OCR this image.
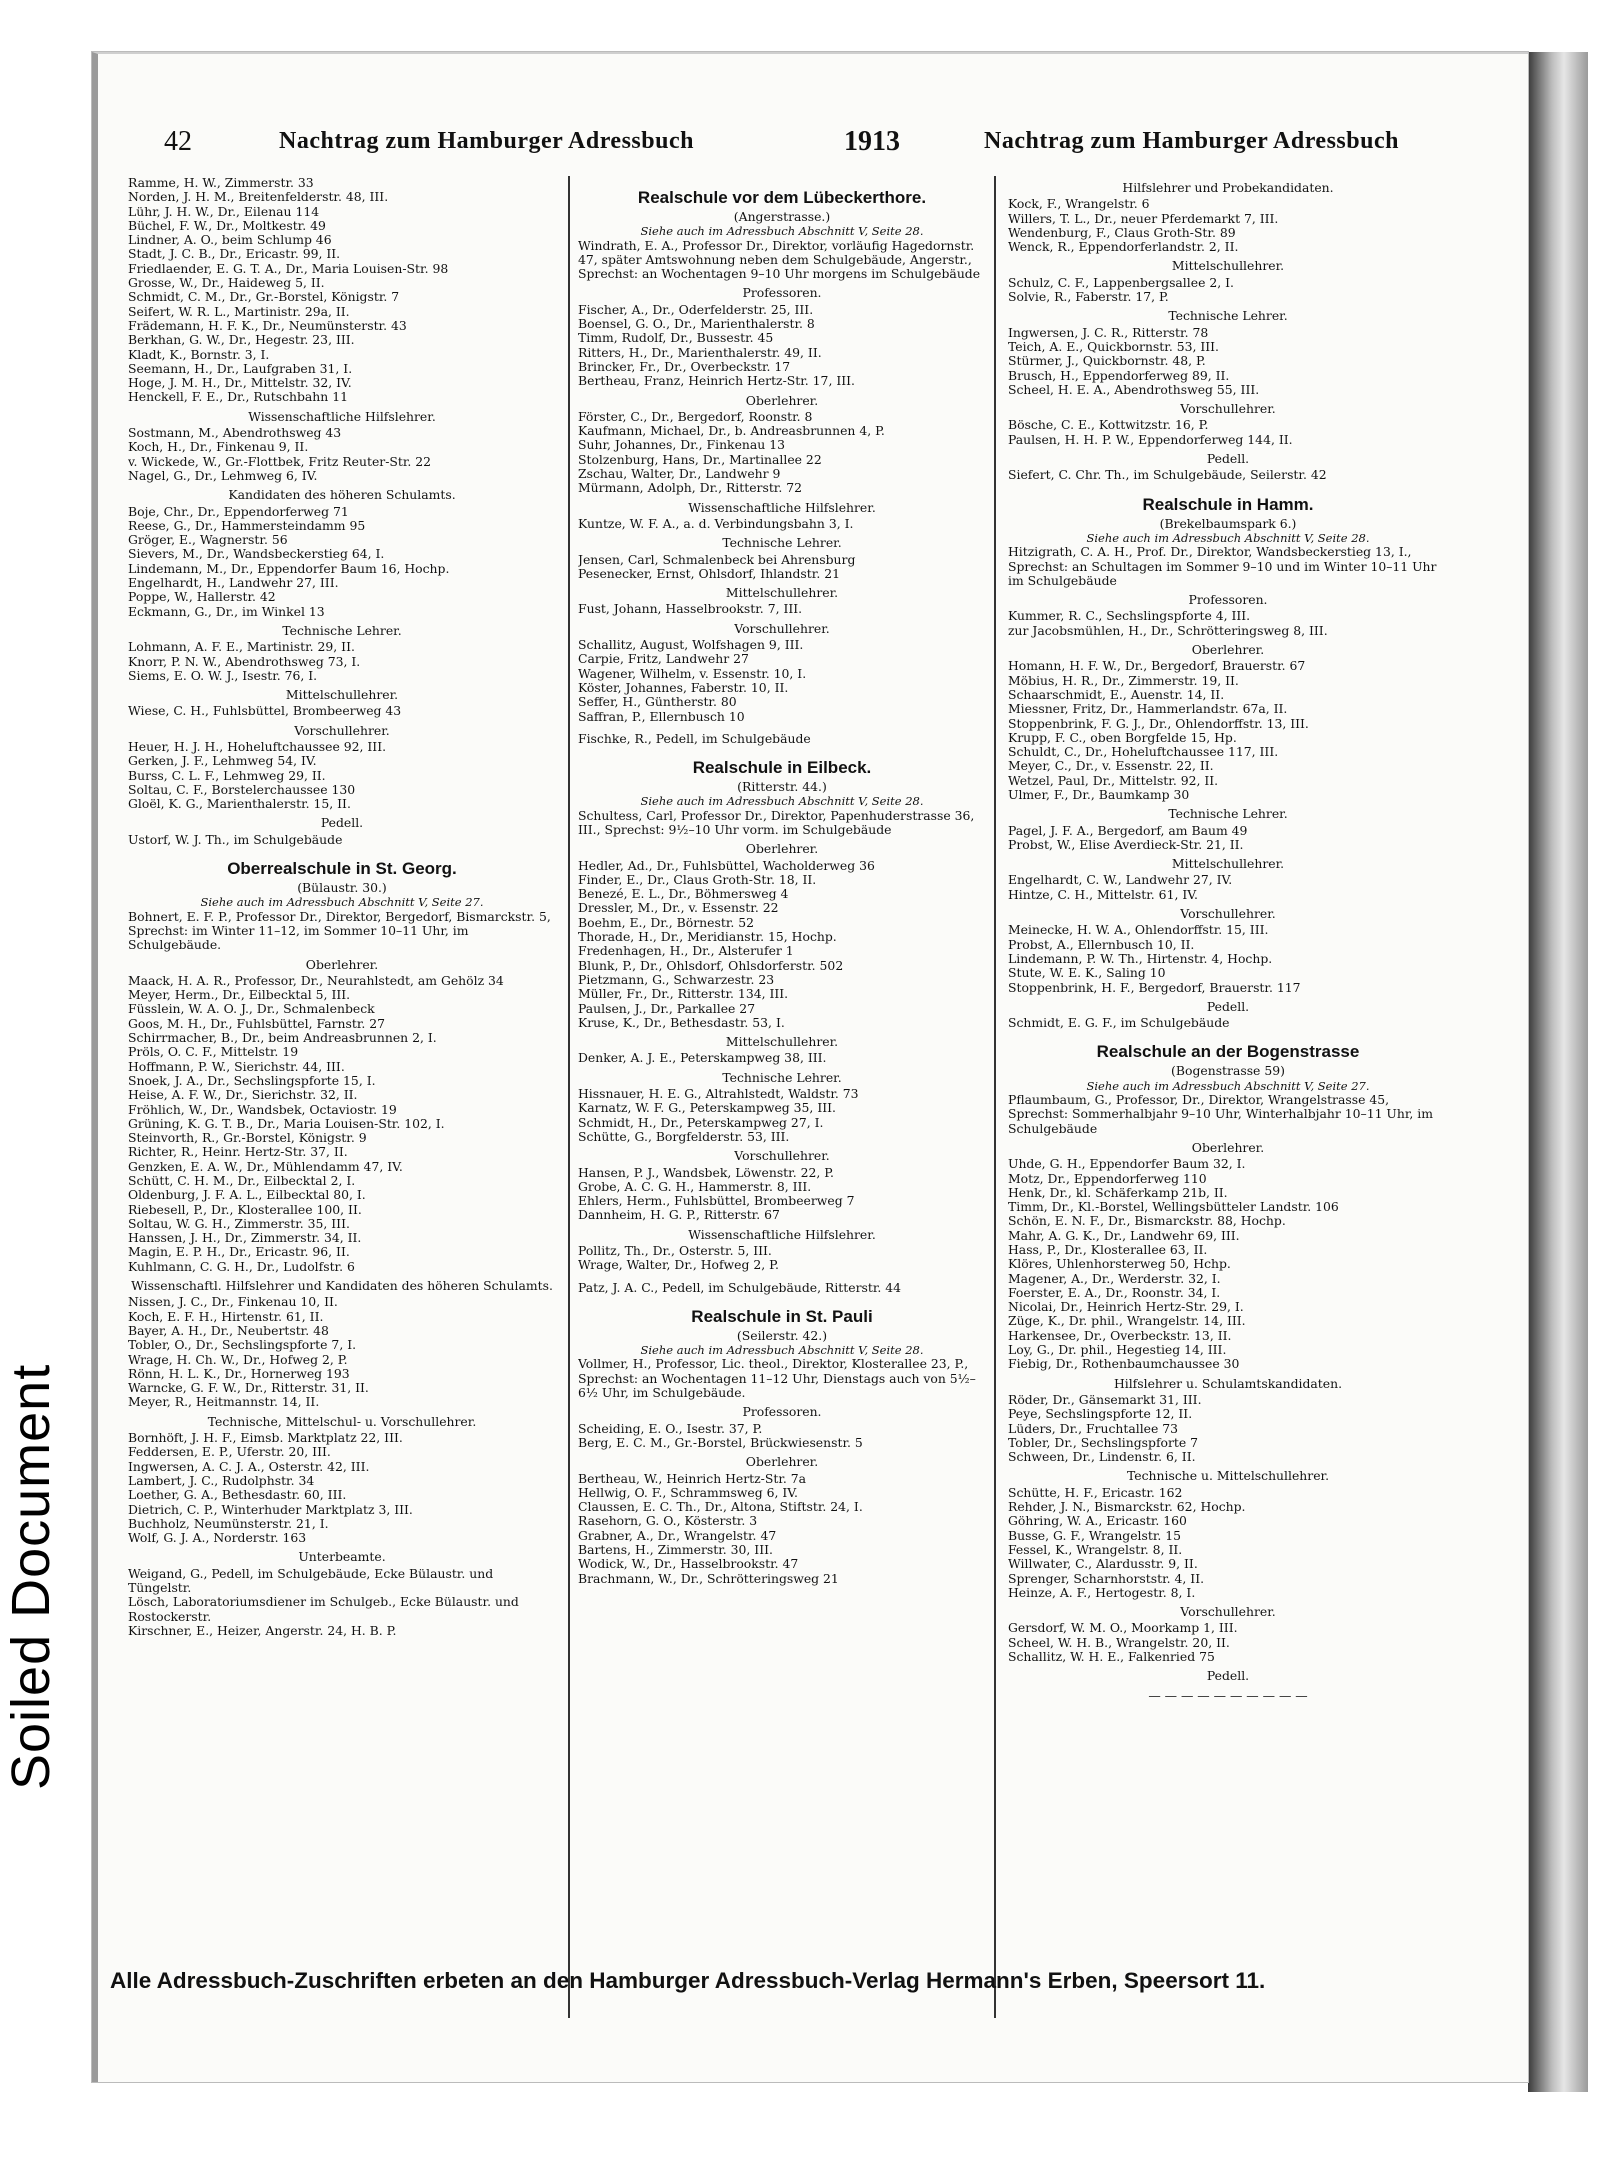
Soiled Document
42	Nachtrag zum Hamburger Adressbuch	1913	Nachtrag zum Hamburger Adressbuch
Ramme, H. W., Zimmerstr. 33
Norden, J. H. M., Breitenfelderstr. 48, III.
Lühr, J. H. W., Dr., Eilenau 114
Büchel, F. W., Dr., Moltkestr. 49
Lindner, A. O., beim Schlump 46
Stadt, J. C. B., Dr., Ericastr. 99, II.
Friedlaender, E. G. T. A., Dr., Maria Louisen-Str. 98
Grosse, W., Dr., Haideweg 5, II.
Schmidt, C. M., Dr., Gr.-Borstel, Königstr. 7
Seifert, W. R. L., Martinistr. 29a, II.
Frädemann, H. F. K., Dr., Neumünsterstr. 43
Berkhan, G. W., Dr., Hegestr. 23, III.
Kladt, K., Bornstr. 3, I.
Seemann, H., Dr., Laufgraben 31, I.
Hoge, J. M. H., Dr., Mittelstr. 32, IV.
Henckell, F. E., Dr., Rutschbahn 11
Wissenschaftliche Hilfslehrer.
Sostmann, M., Abendrothsweg 43
Koch, H., Dr., Finkenau 9, II.
v. Wickede, W., Gr.-Flottbek, Fritz Reuter-Str. 22
Nagel, G., Dr., Lehmweg 6, IV.
Kandidaten des höheren Schulamts.
Boje, Chr., Dr., Eppendorferweg 71
Reese, G., Dr., Hammersteindamm 95
Gröger, E., Wagnerstr. 56
Sievers, M., Dr., Wandsbeckerstieg 64, I.
Lindemann, M., Dr., Eppendorfer Baum 16, Hochp.
Engelhardt, H., Landwehr 27, III.
Poppe, W., Hallerstr. 42
Eckmann, G., Dr., im Winkel 13
Technische Lehrer.
Lohmann, A. F. E., Martinistr. 29, II.
Knorr, P. N. W., Abendrothsweg 73, I.
Siems, E. O. W. J., Isestr. 76, I.
Mittelschullehrer.
Wiese, C. H., Fuhlsbüttel, Brombeerweg 43
Vorschullehrer.
Heuer, H. J. H., Hoheluftchaussee 92, III.
Gerken, J. F., Lehmweg 54, IV.
Burss, C. L. F., Lehmweg 29, II.
Soltau, C. F., Borstelerchaussee 130
Gloël, K. G., Marienthalerstr. 15, II.
Pedell.
Ustorf, W. J. Th., im Schulgebäude
Oberrealschule in St. Georg.
(Bülaustr. 30.)
Siehe auch im Adressbuch Abschnitt V, Seite 27.
Bohnert, E. F. P., Professor Dr., Direktor, Bergedorf, Bismarckstr. 5, Sprechst: im Winter 11–12, im Sommer 10–11 Uhr, im Schulgebäude.
Oberlehrer.
Maack, H. A. R., Professor, Dr., Neurahlstedt, am Gehölz 34
Meyer, Herm., Dr., Eilbecktal 5, III.
Füsslein, W. A. O. J., Dr., Schmalenbeck
Goos, M. H., Dr., Fuhlsbüttel, Farnstr. 27
Schirrmacher, B., Dr., beim Andreasbrunnen 2, I.
Pröls, O. C. F., Mittelstr. 19
Hoffmann, P. W., Sierichstr. 44, III.
Snoek, J. A., Dr., Sechslingspforte 15, I.
Heise, A. F. W., Dr., Sierichstr. 32, II.
Fröhlich, W., Dr., Wandsbek, Octaviostr. 19
Grüning, K. G. T. B., Dr., Maria Louisen-Str. 102, I.
Steinvorth, R., Gr.-Borstel, Königstr. 9
Richter, R., Heinr. Hertz-Str. 37, II.
Genzken, E. A. W., Dr., Mühlendamm 47, IV.
Schütt, C. H. M., Dr., Eilbecktal 2, I.
Oldenburg, J. F. A. L., Eilbecktal 80, I.
Riebesell, P., Dr., Klosterallee 100, II.
Soltau, W. G. H., Zimmerstr. 35, III.
Hanssen, J. H., Dr., Zimmerstr. 34, II.
Magin, E. P. H., Dr., Ericastr. 96, II.
Kuhlmann, C. G. H., Dr., Ludolfstr. 6
Wissenschaftl. Hilfslehrer und Kandidaten des höheren Schulamts.
Nissen, J. C., Dr., Finkenau 10, II.
Koch, E. F. H., Hirtenstr. 61, II.
Bayer, A. H., Dr., Neubertstr. 48
Tobler, O., Dr., Sechslingspforte 7, I.
Wrage, H. Ch. W., Dr., Hofweg 2, P.
Rönn, H. L. K., Dr., Hornerweg 193
Warncke, G. F. W., Dr., Ritterstr. 31, II.
Meyer, R., Heitmannstr. 14, II.
Technische, Mittelschul- u. Vorschullehrer.
Bornhöft, J. H. F., Eimsb. Marktplatz 22, III.
Feddersen, E. P., Uferstr. 20, III.
Ingwersen, A. C. J. A., Osterstr. 42, III.
Lambert, J. C., Rudolphstr. 34
Loether, G. A., Bethesdastr. 60, III.
Dietrich, C. P., Winterhuder Marktplatz 3, III.
Buchholz, Neumünsterstr. 21, I.
Wolf, G. J. A., Norderstr. 163
Unterbeamte.
Weigand, G., Pedell, im Schulgebäude, Ecke Bülaustr. und Tüngelstr.
Lösch, Laboratoriumsdiener im Schulgeb., Ecke Bülaustr. und Rostockerstr.
Kirschner, E., Heizer, Angerstr. 24, H. B. P.
Realschule vor dem Lübeckerthore.
(Angerstrasse.)
Siehe auch im Adressbuch Abschnitt V, Seite 28.
Windrath, E. A., Professor Dr., Direktor, vorläufig Hagedornstr. 47, später Amtswohnung neben dem Schulgebäude, Angerstr., Sprechst: an Wochentagen 9–10 Uhr morgens im Schulgebäude
Professoren.
Fischer, A., Dr., Oderfelderstr. 25, III.
Boensel, G. O., Dr., Marienthalerstr. 8
Timm, Rudolf, Dr., Bussestr. 45
Ritters, H., Dr., Marienthalerstr. 49, II.
Brincker, Fr., Dr., Overbeckstr. 17
Bertheau, Franz, Heinrich Hertz-Str. 17, III.
Oberlehrer.
Förster, C., Dr., Bergedorf, Roonstr. 8
Kaufmann, Michael, Dr., b. Andreasbrunnen 4, P.
Suhr, Johannes, Dr., Finkenau 13
Stolzenburg, Hans, Dr., Martinallee 22
Zschau, Walter, Dr., Landwehr 9
Mürmann, Adolph, Dr., Ritterstr. 72
Wissenschaftliche Hilfslehrer.
Kuntze, W. F. A., a. d. Verbindungsbahn 3, I.
Technische Lehrer.
Jensen, Carl, Schmalenbeck bei Ahrensburg
Pesenecker, Ernst, Ohlsdorf, Ihlandstr. 21
Mittelschullehrer.
Fust, Johann, Hasselbrookstr. 7, III.
Vorschullehrer.
Schallitz, August, Wolfshagen 9, III.
Carpie, Fritz, Landwehr 27
Wagener, Wilhelm, v. Essenstr. 10, I.
Köster, Johannes, Faberstr. 10, II.
Seffer, H., Güntherstr. 80
Saffran, P., Ellernbusch 10
Fischke, R., Pedell, im Schulgebäude
Realschule in Eilbeck.
(Ritterstr. 44.)
Siehe auch im Adressbuch Abschnitt V, Seite 28.
Schultess, Carl, Professor Dr., Direktor, Papenhuderstrasse 36, III., Sprechst: 9½–10 Uhr vorm. im Schulgebäude
Oberlehrer.
Hedler, Ad., Dr., Fuhlsbüttel, Wacholderweg 36
Finder, E., Dr., Claus Groth-Str. 18, II.
Benezé, E. L., Dr., Böhmersweg 4
Dressler, M., Dr., v. Essenstr. 22
Boehm, E., Dr., Börnestr. 52
Thorade, H., Dr., Meridianstr. 15, Hochp.
Fredenhagen, H., Dr., Alsterufer 1
Blunk, P., Dr., Ohlsdorf, Ohlsdorferstr. 502
Pietzmann, G., Schwarzestr. 23
Müller, Fr., Dr., Ritterstr. 134, III.
Paulsen, J., Dr., Parkallee 27
Kruse, K., Dr., Bethesdastr. 53, I.
Mittelschullehrer.
Denker, A. J. E., Peterskampweg 38, III.
Technische Lehrer.
Hissnauer, H. E. G., Altrahlstedt, Waldstr. 73
Karnatz, W. F. G., Peterskampweg 35, III.
Schmidt, H., Dr., Peterskampweg 27, I.
Schütte, G., Borgfelderstr. 53, III.
Vorschullehrer.
Hansen, P. J., Wandsbek, Löwenstr. 22, P.
Grobe, A. C. G. H., Hammerstr. 8, III.
Ehlers, Herm., Fuhlsbüttel, Brombeerweg 7
Dannheim, H. G. P., Ritterstr. 67
Wissenschaftliche Hilfslehrer.
Pollitz, Th., Dr., Osterstr. 5, III.
Wrage, Walter, Dr., Hofweg 2, P.
Patz, J. A. C., Pedell, im Schulgebäude, Ritterstr. 44
Realschule in St. Pauli
(Seilerstr. 42.)
Siehe auch im Adressbuch Abschnitt V, Seite 28.
Vollmer, H., Professor, Lic. theol., Direktor, Klosterallee 23, P., Sprechst: an Wochentagen 11–12 Uhr, Dienstags auch von 5½–6½ Uhr, im Schulgebäude.
Professoren.
Scheiding, E. O., Isestr. 37, P.
Berg, E. C. M., Gr.-Borstel, Brückwiesenstr. 5
Oberlehrer.
Bertheau, W., Heinrich Hertz-Str. 7a
Hellwig, O. F., Schrammsweg 6, IV.
Claussen, E. C. Th., Dr., Altona, Stiftstr. 24, I.
Rasehorn, G. O., Kösterstr. 3
Grabner, A., Dr., Wrangelstr. 47
Bartens, H., Zimmerstr. 30, III.
Wodick, W., Dr., Hasselbrookstr. 47
Brachmann, W., Dr., Schrötteringsweg 21
Hilfslehrer und Probekandidaten.
Kock, F., Wrangelstr. 6
Willers, T. L., Dr., neuer Pferdemarkt 7, III.
Wendenburg, F., Claus Groth-Str. 89
Wenck, R., Eppendorferlandstr. 2, II.
Mittelschullehrer.
Schulz, C. F., Lappenbergsallee 2, I.
Solvie, R., Faberstr. 17, P.
Technische Lehrer.
Ingwersen, J. C. R., Ritterstr. 78
Teich, A. E., Quickbornstr. 53, III.
Stürmer, J., Quickbornstr. 48, P.
Brusch, H., Eppendorferweg 89, II.
Scheel, H. E. A., Abendrothsweg 55, III.
Vorschullehrer.
Bösche, C. E., Kottwitzstr. 16, P.
Paulsen, H. H. P. W., Eppendorferweg 144, II.
Pedell.
Siefert, C. Chr. Th., im Schulgebäude, Seilerstr. 42
Realschule in Hamm.
(Brekelbaumspark 6.)
Siehe auch im Adressbuch Abschnitt V, Seite 28.
Hitzigrath, C. A. H., Prof. Dr., Direktor, Wandsbeckerstieg 13, I., Sprechst: an Schultagen im Sommer 9–10 und im Winter 10–11 Uhr im Schulgebäude
Professoren.
Kummer, R. C., Sechslingspforte 4, III.
zur Jacobsmühlen, H., Dr., Schrötteringsweg 8, III.
Oberlehrer.
Homann, H. F. W., Dr., Bergedorf, Brauerstr. 67
Möbius, H. R., Dr., Zimmerstr. 19, II.
Schaarschmidt, E., Auenstr. 14, II.
Miessner, Fritz, Dr., Hammerlandstr. 67a, II.
Stoppenbrink, F. G. J., Dr., Ohlendorffstr. 13, III.
Krupp, F. C., oben Borgfelde 15, Hp.
Schuldt, C., Dr., Hoheluftchaussee 117, III.
Meyer, C., Dr., v. Essenstr. 22, II.
Wetzel, Paul, Dr., Mittelstr. 92, II.
Ulmer, F., Dr., Baumkamp 30
Technische Lehrer.
Pagel, J. F. A., Bergedorf, am Baum 49
Probst, W., Elise Averdieck-Str. 21, II.
Mittelschullehrer.
Engelhardt, C. W., Landwehr 27, IV.
Hintze, C. H., Mittelstr. 61, IV.
Vorschullehrer.
Meinecke, H. W. A., Ohlendorffstr. 15, III.
Probst, A., Ellernbusch 10, II.
Lindemann, P. W. Th., Hirtenstr. 4, Hochp.
Stute, W. E. K., Saling 10
Stoppenbrink, H. F., Bergedorf, Brauerstr. 117
Pedell.
Schmidt, E. G. F., im Schulgebäude
Realschule an der Bogenstrasse
(Bogenstrasse 59)
Siehe auch im Adressbuch Abschnitt V, Seite 27.
Pflaumbaum, G., Professor, Dr., Direktor, Wrangelstrasse 45, Sprechst: Sommerhalbjahr 9–10 Uhr, Winterhalbjahr 10–11 Uhr, im Schulgebäude
Oberlehrer.
Uhde, G. H., Eppendorfer Baum 32, I.
Motz, Dr., Eppendorferweg 110
Henk, Dr., kl. Schäferkamp 21b, II.
Timm, Dr., Kl.-Borstel, Wellingsbütteler Landstr. 106
Schön, E. N. F., Dr., Bismarckstr. 88, Hochp.
Mahr, A. G. K., Dr., Landwehr 69, III.
Hass, P., Dr., Klosterallee 63, II.
Klöres, Uhlenhorsterweg 50, Hchp.
Magener, A., Dr., Werderstr. 32, I.
Foerster, E. A., Dr., Roonstr. 34, I.
Nicolai, Dr., Heinrich Hertz-Str. 29, I.
Züge, K., Dr. phil., Wrangelstr. 14, III.
Harkensee, Dr., Overbeckstr. 13, II.
Loy, G., Dr. phil., Hegestieg 14, III.
Fiebig, Dr., Rothenbaumchaussee 30
Hilfslehrer u. Schulamtskandidaten.
Röder, Dr., Gänsemarkt 31, III.
Peye, Sechslingspforte 12, II.
Lüders, Dr., Fruchtallee 73
Tobler, Dr., Sechslingspforte 7
Schween, Dr., Lindenstr. 6, II.
Technische u. Mittelschullehrer.
Schütte, H. F., Ericastr. 162
Rehder, J. N., Bismarckstr. 62, Hochp.
Göhring, W. A., Ericastr. 160
Busse, G. F., Wrangelstr. 15
Fessel, K., Wrangelstr. 8, II.
Willwater, C., Alardusstr. 9, II.
Sprenger, Scharnhorststr. 4, II.
Heinze, A. F., Hertogestr. 8, I.
Vorschullehrer.
Gersdorf, W. M. O., Moorkamp 1, III.
Scheel, W. H. B., Wrangelstr. 20, II.
Schallitz, W. H. E., Falkenried 75
Pedell.
— — — — — — — — — —
Alle Adressbuch-Zuschriften erbeten an den Hamburger Adressbuch-Verlag Hermann's Erben, Speersort 11.
